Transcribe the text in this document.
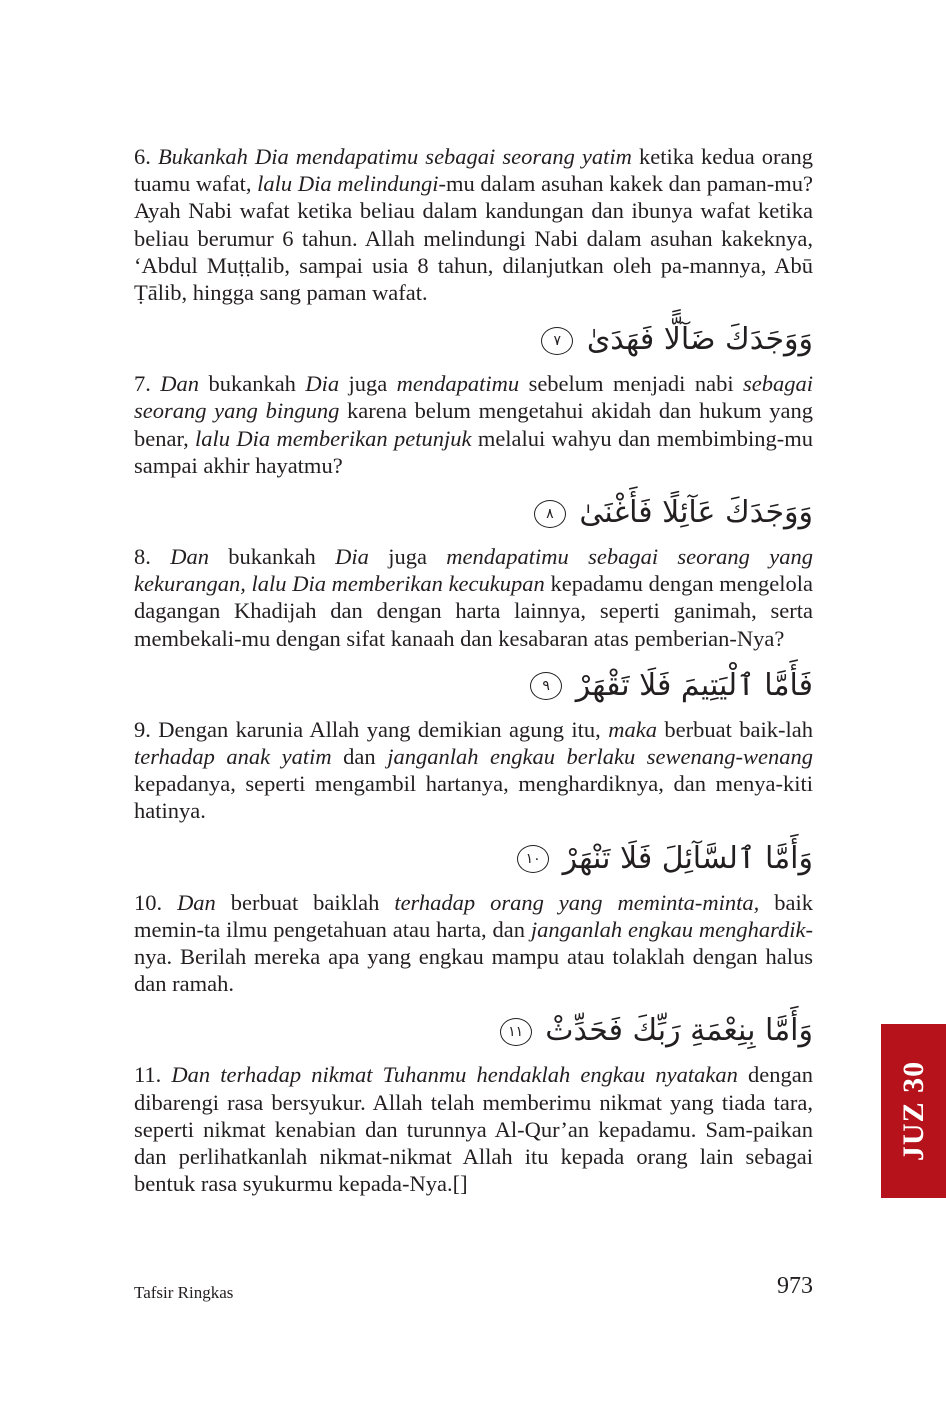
6. Bukankah Dia mendapatimu sebagai seorang yatim ketika kedua orang tuamu wafat, lalu Dia melindungi-mu dalam asuhan kakek dan paman-mu? Ayah Nabi wafat ketika beliau dalam kandungan dan ibunya wafat ketika beliau berumur 6 tahun. Allah melindungi Nabi dalam asuhan kakeknya, ʻAbdul Muṭṭalib, sampai usia 8 tahun, dilanjutkan oleh pa-mannya, Abū Ṭālib, hingga sang paman wafat.

وَوَجَدَكَ ضَآلًّا فَهَدَىٰ ٧

7. Dan bukankah Dia juga mendapatimu sebelum menjadi nabi sebagai seorang yang bingung karena belum mengetahui akidah dan hukum yang benar, lalu Dia memberikan petunjuk melalui wahyu dan membimbing-mu sampai akhir hayatmu?

وَوَجَدَكَ عَآئِلًا فَأَغْنَىٰ ٨

8. Dan bukankah Dia juga mendapatimu sebagai seorang yang kekurangan, lalu Dia memberikan kecukupan kepadamu dengan mengelola dagangan Khadijah dan dengan harta lainnya, seperti ganimah, serta membekali-mu dengan sifat kanaah dan kesabaran atas pemberian-Nya?

فَأَمَّا ٱلْيَتِيمَ فَلَا تَقْهَرْ ٩

9. Dengan karunia Allah yang demikian agung itu, maka berbuat baik-lah terhadap anak yatim dan janganlah engkau berlaku sewenang-wenang kepadanya, seperti mengambil hartanya, menghardiknya, dan menya-kiti hatinya.

وَأَمَّا ٱلسَّآئِلَ فَلَا تَنْهَرْ ١٠

10. Dan berbuat baiklah terhadap orang yang meminta-minta, baik memin-ta ilmu pengetahuan atau harta, dan janganlah engkau menghardik-nya. Berilah mereka apa yang engkau mampu atau tolaklah dengan halus dan ramah.

وَأَمَّا بِنِعْمَةِ رَبِّكَ فَحَدِّثْ ١١

11. Dan terhadap nikmat Tuhanmu hendaklah engkau nyatakan dengan dibarengi rasa bersyukur. Allah telah memberimu nikmat yang tiada tara, seperti nikmat kenabian dan turunnya Al-Qur’an kepadamu. Sam-paikan dan perlihatkanlah nikmat-nikmat Allah itu kepada orang lain sebagai bentuk rasa syukurmu kepada-Nya.[]

Tafsir Ringkas	973
JUZ 30
